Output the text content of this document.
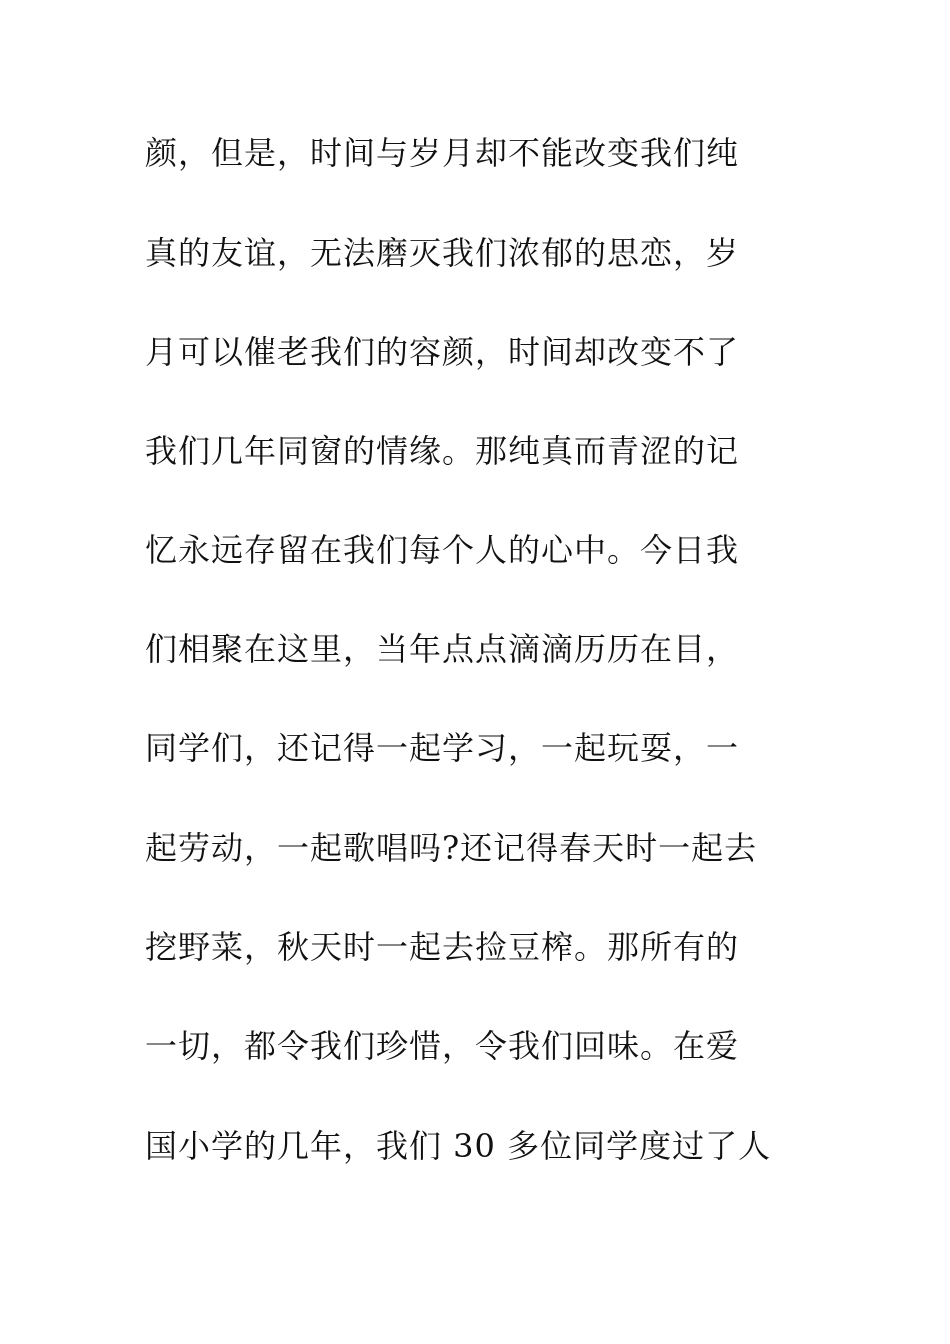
颜，但是，时间与岁月却不能改变我们纯
真的友谊，无法磨灭我们浓郁的思恋，岁
月可以催老我们的容颜，时间却改变不了
我们几年同窗的情缘。那纯真而青涩的记
忆永远存留在我们每个人的心中。今日我
们相聚在这里，当年点点滴滴历历在目，
同学们，还记得一起学习，一起玩耍，一
起劳动，一起歌唱吗?还记得春天时一起去
挖野菜，秋天时一起去捡豆榨。那所有的
一切，都令我们珍惜，令我们回味。在爱
国小学的几年，我们 30 多位同学度过了人
